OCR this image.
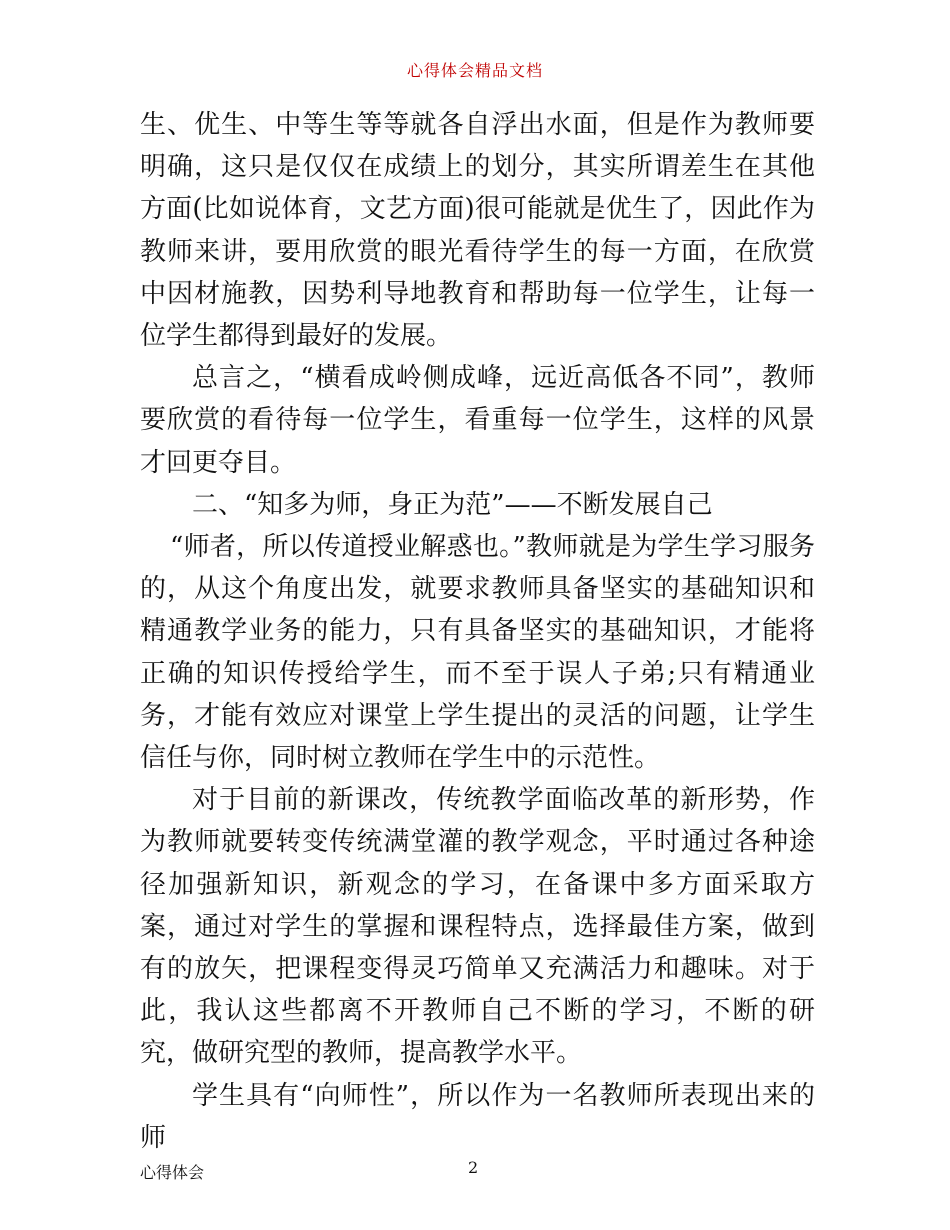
心得体会精品文档

生、优生、中等生等等就各自浮出水面，但是作为教师要明确，这只是仅仅在成绩上的划分，其实所谓差生在其他方面(比如说体育，文艺方面)很可能就是优生了，因此作为教师来讲，要用欣赏的眼光看待学生的每一方面，在欣赏中因材施教，因势利导地教育和帮助每一位学生，让每一位学生都得到最好的发展。

总言之，“横看成岭侧成峰，远近高低各不同”，教师要欣赏的看待每一位学生，看重每一位学生，这样的风景才回更夺目。

二、“知多为师，身正为范”——不断发展自己

“师者，所以传道授业解惑也。”教师就是为学生学习服务的，从这个角度出发，就要求教师具备坚实的基础知识和精通教学业务的能力，只有具备坚实的基础知识，才能将正确的知识传授给学生，而不至于误人子弟;只有精通业务，才能有效应对课堂上学生提出的灵活的问题，让学生信任与你，同时树立教师在学生中的示范性。

对于目前的新课改，传统教学面临改革的新形势，作为教师就要转变传统满堂灌的教学观念，平时通过各种途径加强新知识，新观念的学习，在备课中多方面采取方案，通过对学生的掌握和课程特点，选择最佳方案，做到有的放矢，把课程变得灵巧简单又充满活力和趣味。对于此，我认这些都离不开教师自己不断的学习，不断的研究，做研究型的教师，提高教学水平。

学生具有“向师性”，所以作为一名教师所表现出来的师

心得体会	2
